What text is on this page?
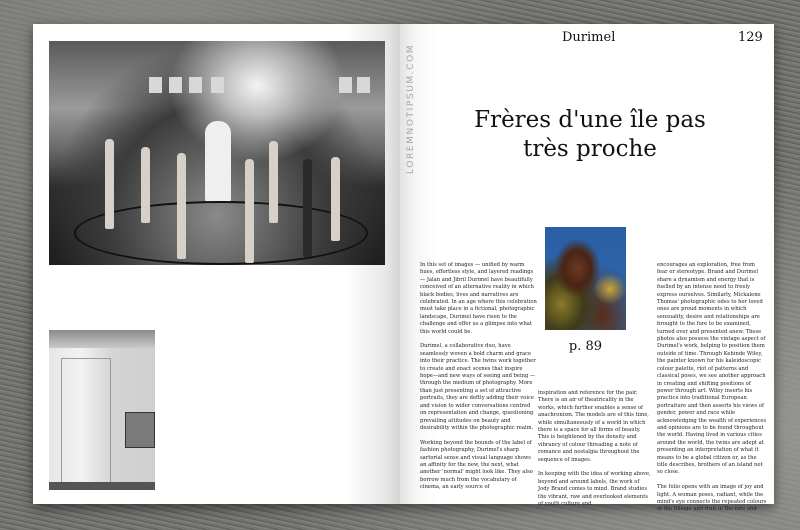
Durimel	129
LOREMNOTIPSUM.COM	Frères d'une île pas
très proche
p. 89

In this set of images — unified by warm hues, effortless style, and layered readings — Jalan and Jibril Durimel have beautifully conceived of an alternative reality in which black bodies, lives and narratives are celebrated. In an age where this celebration must take place in a fictional, photographic landscape, Durimel have risen to the challenge and offer us a glimpse into what this world could be.

Durimel, a collaborative duo, have seamlessly woven a bold charm and grace into their practice. The twins work together to create and enact scenes that inspire hope—and new ways of seeing and being — through the medium of photography. More than just presenting a set of attractive portraits, they are deftly adding their voice and vision to wider conversations centred on representation and change, questioning prevailing attitudes on beauty and desirability within the photographic realm.

Working beyond the bounds of the label of fashion photography, Durimel's sharp sartorial sense and visual language shows an affinity for the new, the next, what another 'normal' might look like. They also borrow much from the vocabulary of cinema, an early source of

inspiration and reference for the pair. There is an air of theatricality in the works, which further enables a sense of anachronism. The models are of this time, while simultaneously of a world in which there is a space for all forms of beauty. This is heightened by the density and vibrancy of colour threading a note of romance and nostalgia throughout the sequence of images.

In keeping with the idea of working above, beyond and around labels, the work of Jody Brand comes to mind. Brand studies the vibrant, raw and overlooked elements of youth culture and

encourages an exploration, free from fear or stereotype. Brand and Durimel share a dynamism and energy that is fuelled by an intense need to freely express ourselves. Similarly, Mickalene Thomas' photographic odes to her loved ones are proud moments in which sensuality, desire and relationships are brought to the fore to be examined, turned over and presented anew. These photos also possess the vintage aspect of Durimel's work, helping to position them outside of time. Through Kehinde Wiley, the painter known for his kaleidoscopic colour palette, riot of patterns and classical poses, we see another approach in creating and shifting positions of power through art. Wiley inserts his practice into traditional European portraiture and then asserts his views of gender, power and race while acknowledging the wealth of experiences and opinions are to be found throughout the world. Having lived in various cities around the world, the twins are adept at presenting an interpretation of what it means to be a global citizen or, as the title describes, brothers of an island not so close.

The folio opens with an image of joy and light. A woman poses, radiant, while the mind's eye connects the repeated colours of the foliage and fruit in the fore and
